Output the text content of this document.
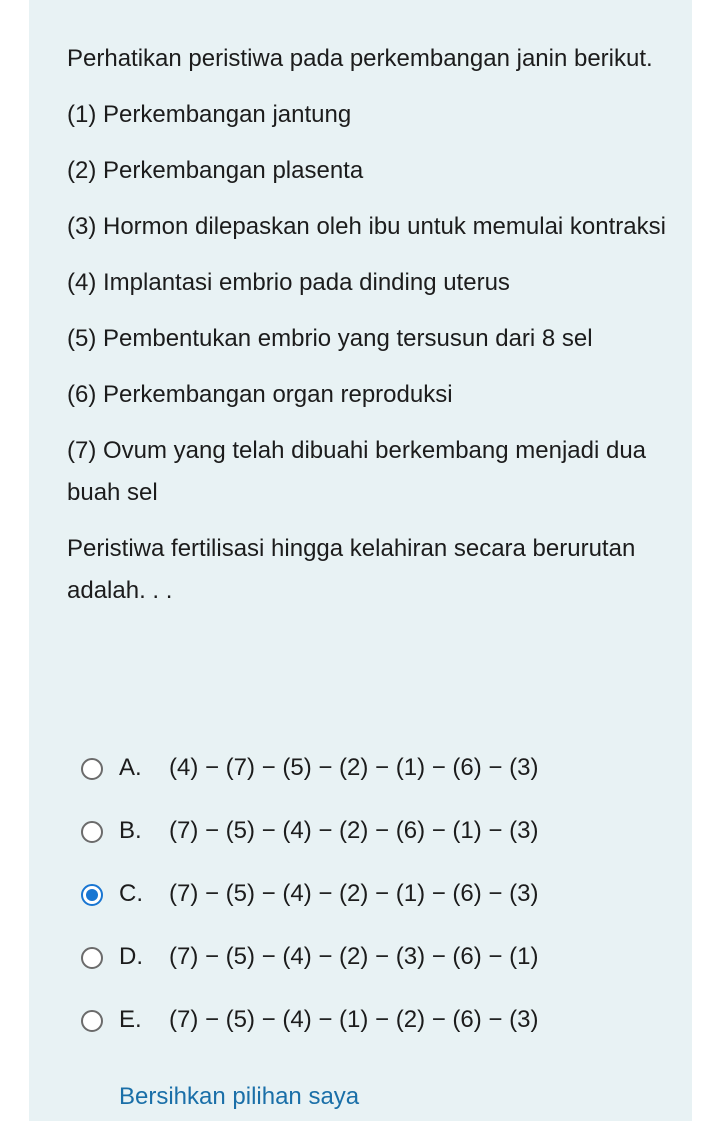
Perhatikan peristiwa pada perkembangan janin berikut.

(1) Perkembangan jantung

(2) Perkembangan plasenta

(3) Hormon dilepaskan oleh ibu untuk memulai kontraksi

(4) Implantasi embrio pada dinding uterus

(5) Pembentukan embrio yang tersusun dari 8 sel

(6) Perkembangan organ reproduksi

(7) Ovum yang telah dibuahi berkembang menjadi dua buah sel

Peristiwa fertilisasi hingga kelahiran secara berurutan adalah. . .

A.	(4) − (7) − (5) − (2) − (1) − (6) − (3)
B.	(7) − (5) − (4) − (2) − (6) − (1) − (3)
C.	(7) − (5) − (4) − (2) − (1) − (6) − (3)
D.	(7) − (5) − (4) − (2) − (3) − (6) − (1)
E.	(7) − (5) − (4) − (1) − (2) − (6) − (3)
Bersihkan pilihan saya
